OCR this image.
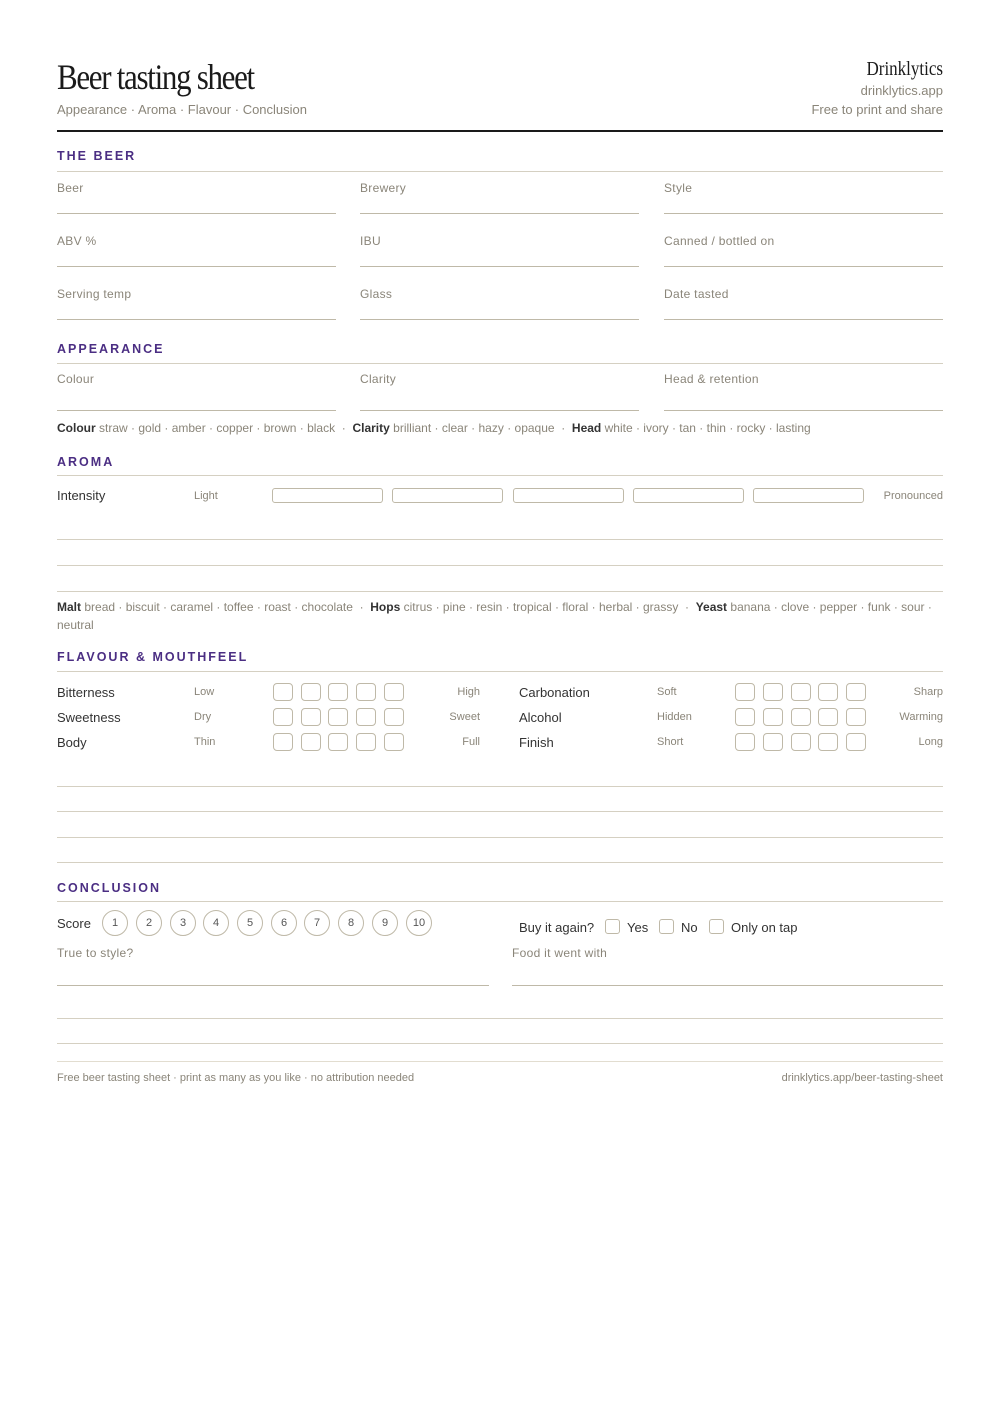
Beer tasting sheet
Appearance · Aroma · Flavour · Conclusion
Drinklytics
drinklytics.app
Free to print and share
THE BEER
Beer	Brewery	Style
ABV %	IBU	Canned / bottled on
Serving temp	Glass	Date tasted
APPEARANCE
Colour	Clarity	Head & retention
Colour straw · gold · amber · copper · brown · black · Clarity brilliant · clear · hazy · opaque · Head white · ivory · tan · thin · rocky · lasting
AROMA
Intensity	Light	Pronounced
Malt bread · biscuit · caramel · toffee · roast · chocolate · Hops citrus · pine · resin · tropical · floral · herbal · grassy · Yeast banana · clove · pepper · funk · sour · neutral
FLAVOUR & MOUTHFEEL
Bitterness	Low	High
Sweetness	Dry	Sweet
Body	Thin	Full
Carbonation	Soft	Sharp
Alcohol	Hidden	Warming
Finish	Short	Long
CONCLUSION
Score	1	2	3	4	5	6	7	8	9	10	Buy it again?	Yes	No	Only on tap
True to style?	Food it went with
Free beer tasting sheet · print as many as you like · no attribution needed	drinklytics.app/beer-tasting-sheet
